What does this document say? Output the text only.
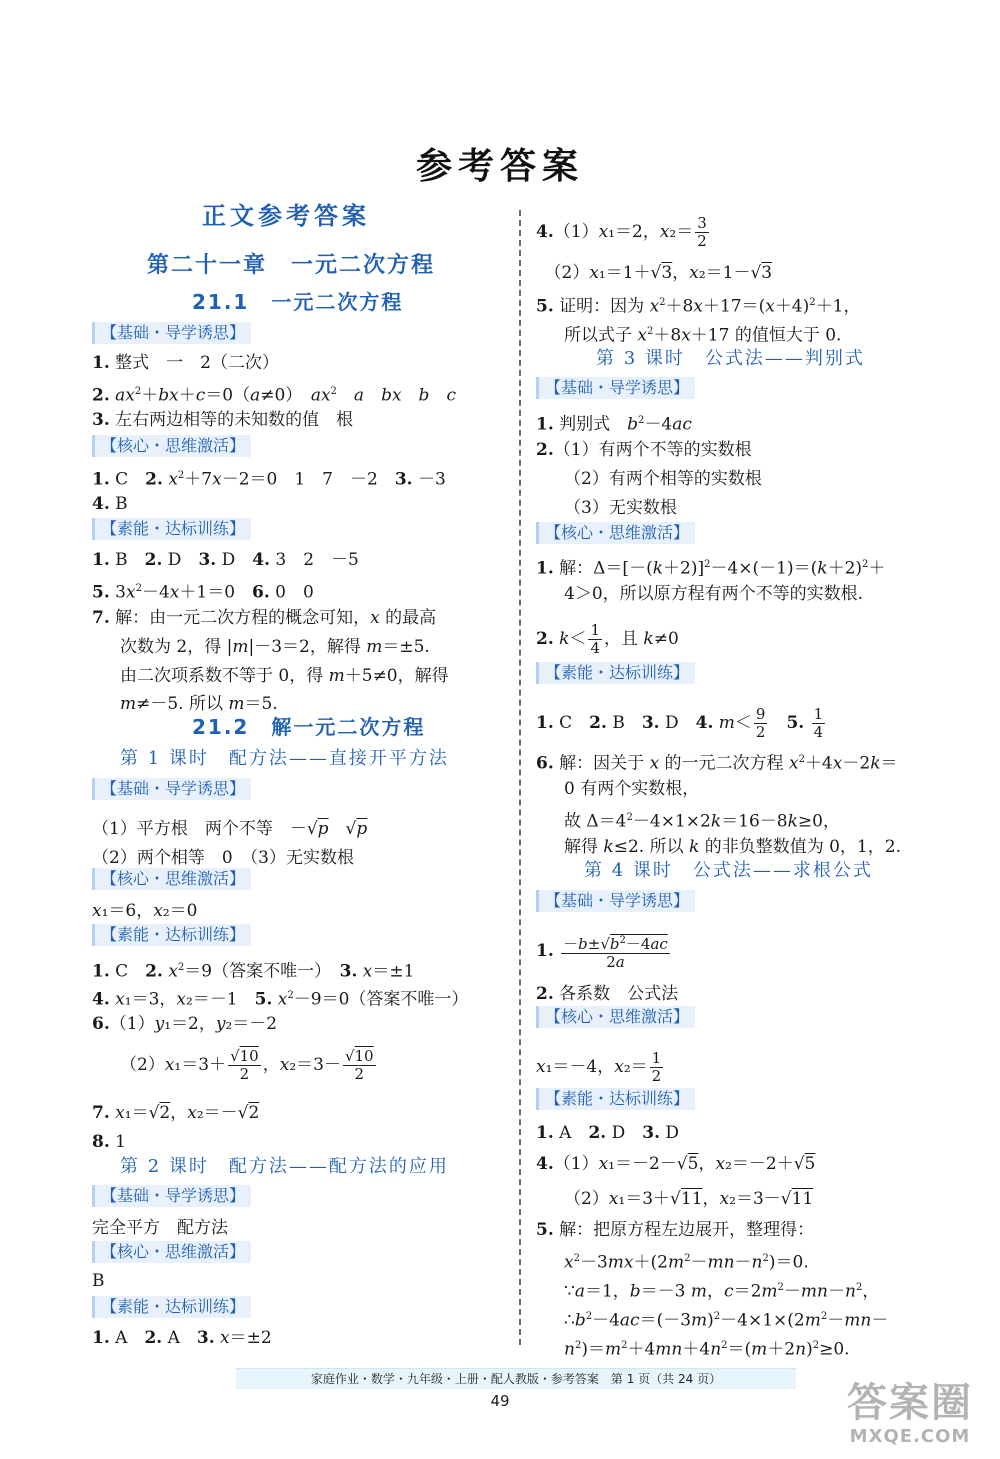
参考答案
正文参考答案
第二十一章　一元二次方程
21.1　一元二次方程
【基础・导学诱思】
1. 整式　一　2（二次）
2. $ax^2+bx+c=0(a\ne 0)$　$ax^2$　 a　 bx　 b　 c
3. 左右两边相等的未知数的值　根
【核心・思维激活】
1. C　2. $x^2+7x-2=0$　1　7　－2　3. －3
4. B
【素能・达标训练】
1. B　2. D　3. D　4. 3　2　－5
5. $3x^2-4x+1=0$　6. 0　0
7. 解：由一元二次方程的概念可知，x 的最高
次数为 2，得 |m|－3＝2，解得 m＝±5.
由二次项系数不等于 0，得 m＋5≠0，解得
m≠－5. 所以 m＝5.
21.2　解一元二次方程
第 1 课时　配方法——直接开平方法
【基础・导学诱思】
（1）平方根　两个不等　－√p　√p
（2）两个相等　0　（3）无实数根
【核心・思维激活】
x₁＝6，x₂＝0
【素能・达标训练】
1. C　2. $x^2=9$（答案不唯一）　3. x＝±1
4. x₁＝3，x₂＝－1　5. $x^2-9=0$（答案不唯一）
6.（1）y₁＝2，y₂＝－2
$(2)x_1=3+ \frac{√10}{2}$ ，$x_2=3- \frac{√10}{2}$
7. x₁＝√2，x₂＝－√2
8. 1
第 2 课时　配方法——配方法的应用
【基础・导学诱思】
完全平方　配方法
【核心・思维激活】
B
【素能・达标训练】
1. A　2. A　3. x＝±2
4.（1）x₁＝2，$x_2= \frac{3}{2}$
　（2）x₁＝1＋√3，x₂＝1－√3
5. 证明：因为 $x^2+8x+17=(x+4)^2+1$，
所以式子 $x^2+8x+17$ 的值恒大于 0.
第 3 课时　公式法——判别式
【基础・导学诱思】
1. 判别式　$b^2-4ac$
2.（1）有两个不等的实数根
（2）有两个相等的实数根
（3）无实数根
【核心・思维激活】
1. 解：$\Delta=[-(k+2)]^2-4\times(-1)=(k+2)^2+$
4＞0，所以原方程有两个不等的实数根.
2. $k< \frac{1}{4}$ ，且 k≠0
【素能・达标训练】
1. C　2. B　3. D　4. $m< \frac{9}{2}$
　 5. $\frac{1}{4}$
6. 解：因关于 x 的一元二次方程 $x^2+4x-2k=$
0 有两个实数根，
故 $\Delta=4^2-4\times 1\times 2k=16-8k\ge 0$，
解得 k≤2. 所以 k 的非负整数值为 0，1，2.
第 4 课时　公式法——求根公式
【基础・导学诱思】
1. $\frac{-b\pm√b^2-4ac}{2a}$
2. 各系数　公式法
【核心・思维激活】
x₁＝－4，$x_2= \frac{1}{2}$
【素能・达标训练】
1. A　2. D　3. D
4.（1）x₁＝－2－√5，x₂＝－2＋√5
（2）x₁＝3＋√11，x₂＝3－√11
5. 解：把原方程左边展开，整理得：
$x^2-3mx+(2m^2-mn-n^2)=0$.
∵a＝1，b＝－3 m，$c=2m^2-mn-n^2$，
$\therefore b^2-4ac=(-3m)^2-4\times 1\times(2m^2-mn-$
$n^2)=m^2+4mn+4n^2=(m+2n)^2\ge 0$.
家庭作业・数学・九年级・上册・配人教版・参考答案　第 1 页（共 24 页）
49	答案圈
MXQE.COM
